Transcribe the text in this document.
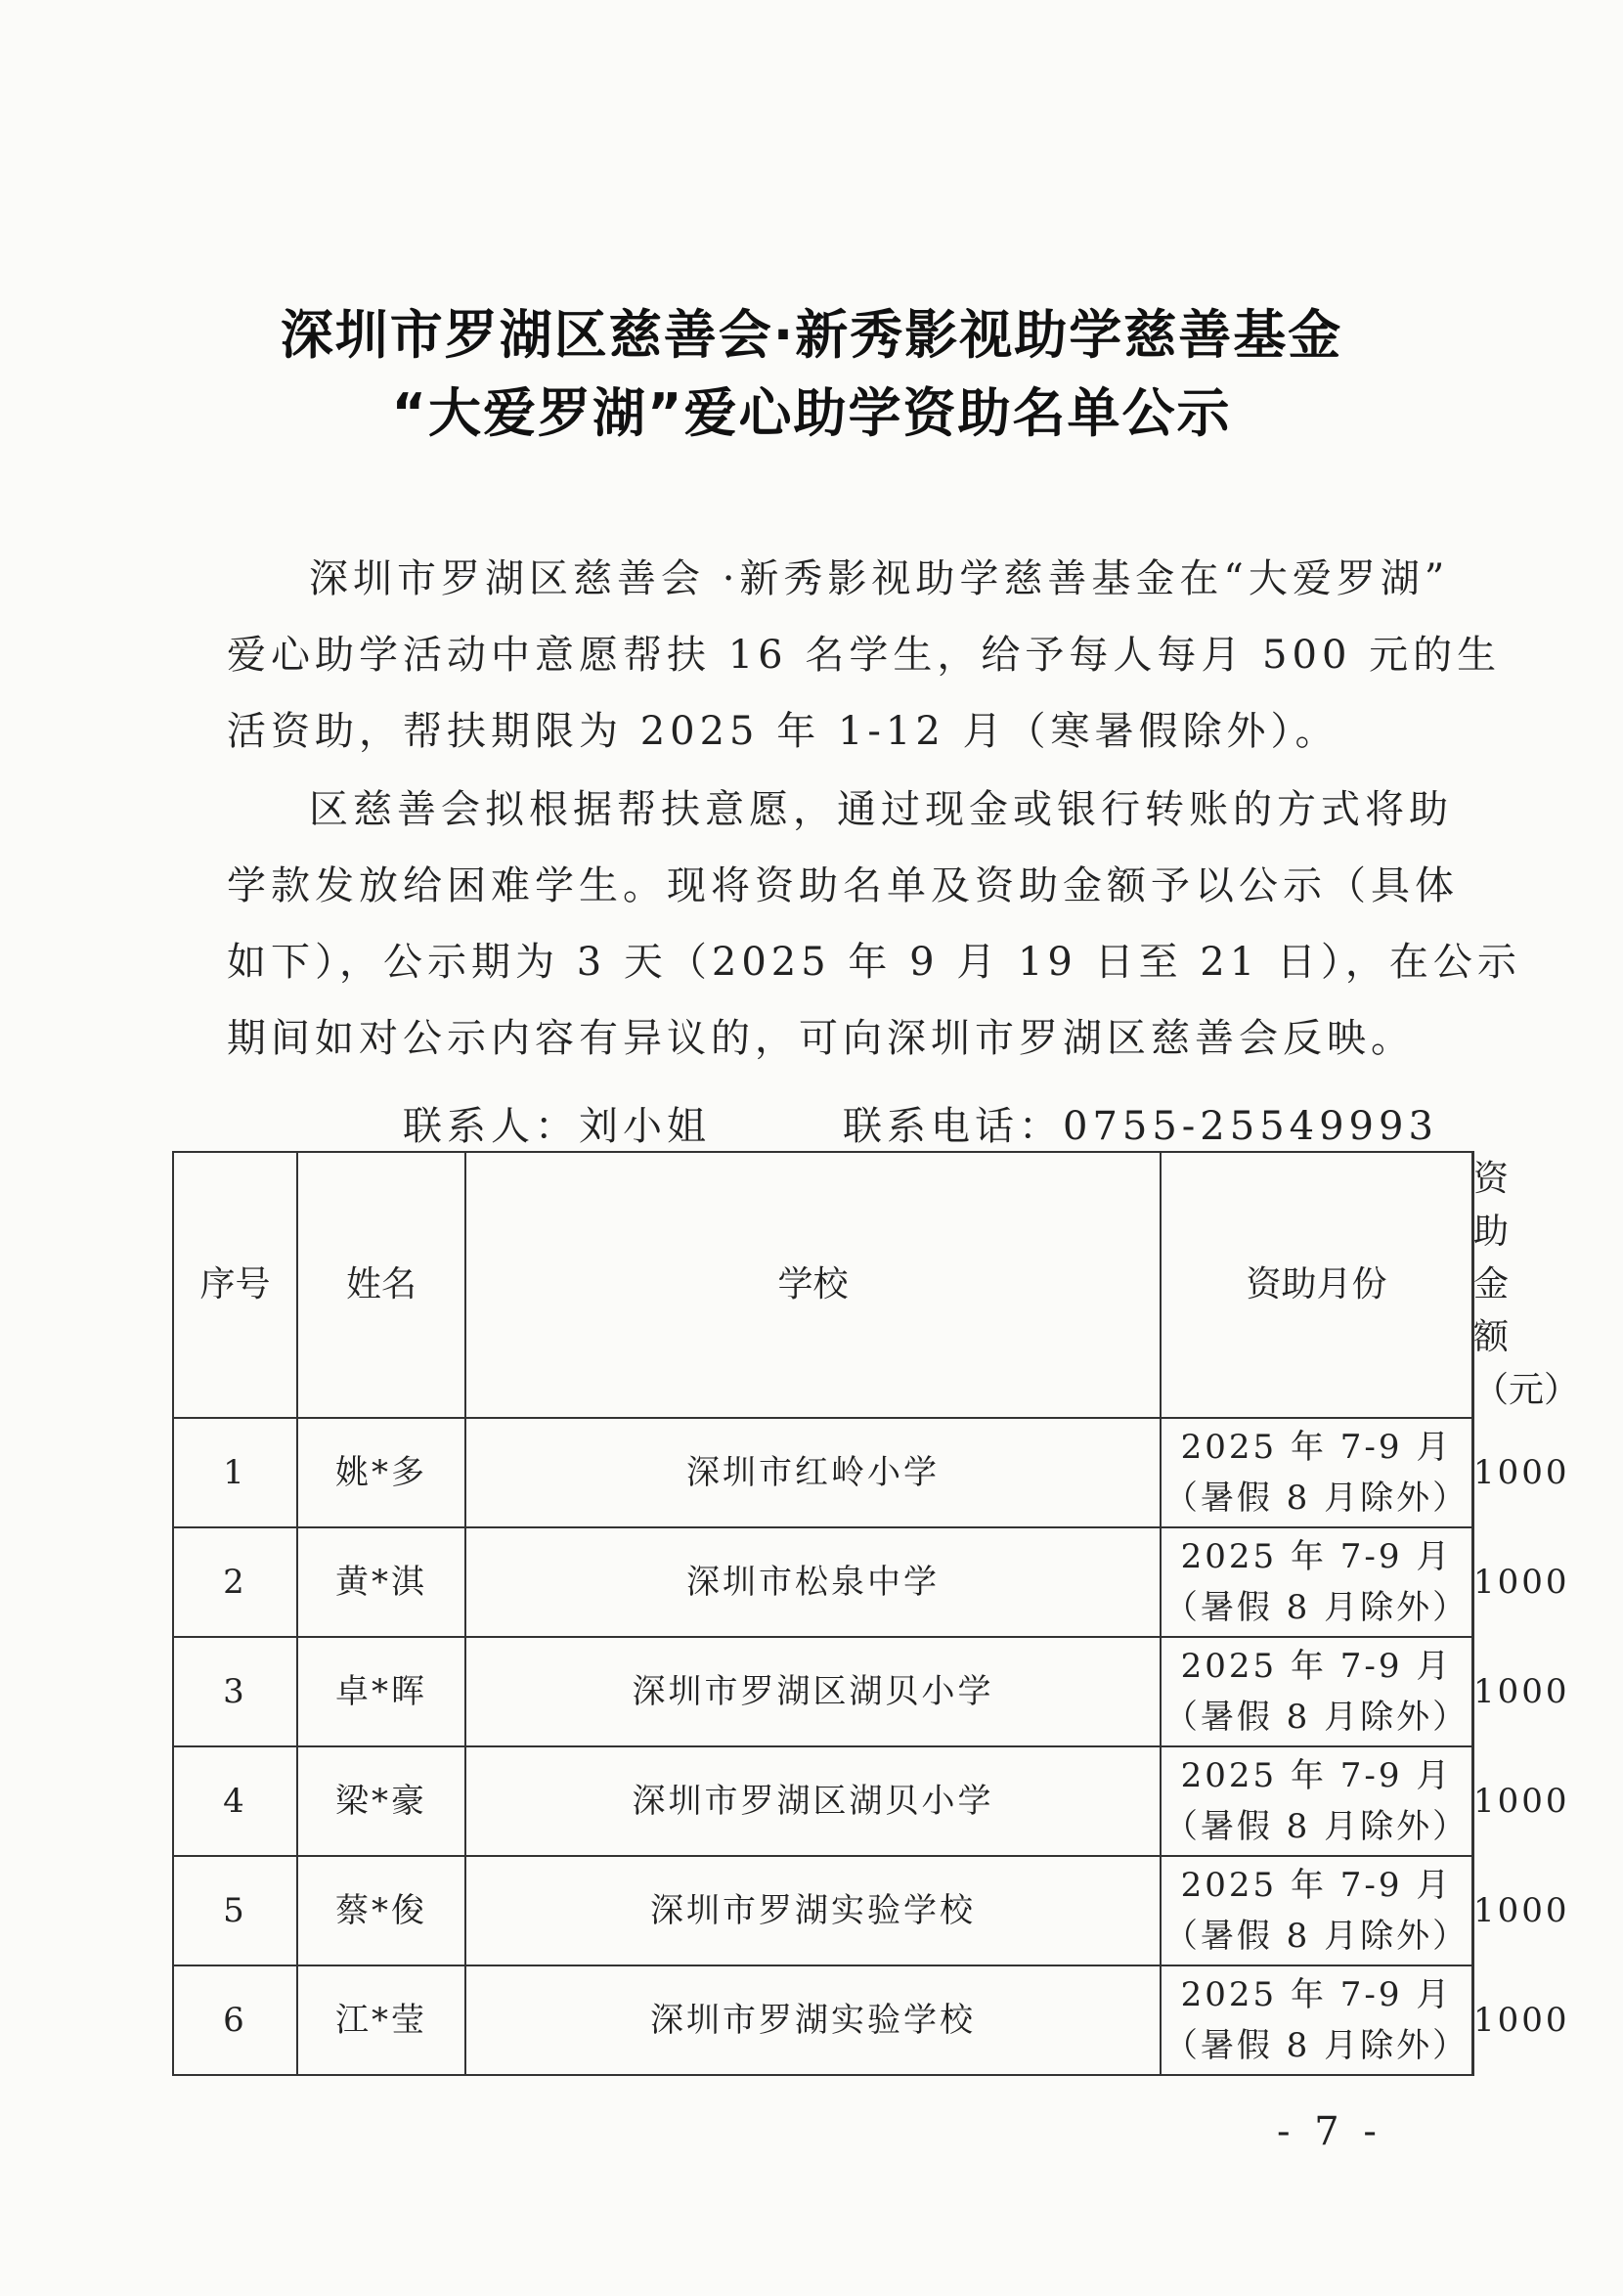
深圳市罗湖区慈善会·新秀影视助学慈善基金
“大爱罗湖”爱心助学资助名单公示
深圳市罗湖区慈善会 ·新秀影视助学慈善基金在“大爱罗湖”
爱心助学活动中意愿帮扶 16 名学生，给予每人每月 500 元的生
活资助，帮扶期限为 2025 年 1-12 月（寒暑假除外）。
区慈善会拟根据帮扶意愿，通过现金或银行转账的方式将助
学款发放给困难学生。现将资助名单及资助金额予以公示（具体
如下），公示期为 3 天（2025 年 9 月 19 日至 21 日），在公示
期间如对公示内容有异议的，可向深圳市罗湖区慈善会反映。
联系人：刘小姐	联系电话：0755-25549993
序号	姓名	学校	资助月份	资助金额
（元）

1	姚*多	深圳市红岭小学	2025 年 7-9 月
（暑假 8 月除外）	1000
2	黄*淇	深圳市松泉中学	2025 年 7-9 月
（暑假 8 月除外）	1000
3	卓*晖	深圳市罗湖区湖贝小学	2025 年 7-9 月
（暑假 8 月除外）	1000
4	梁*豪	深圳市罗湖区湖贝小学	2025 年 7-9 月
（暑假 8 月除外）	1000
5	蔡*俊	深圳市罗湖实验学校	2025 年 7-9 月
（暑假 8 月除外）	1000
6	江*莹	深圳市罗湖实验学校	2025 年 7-9 月
（暑假 8 月除外）	1000
- 7 -
